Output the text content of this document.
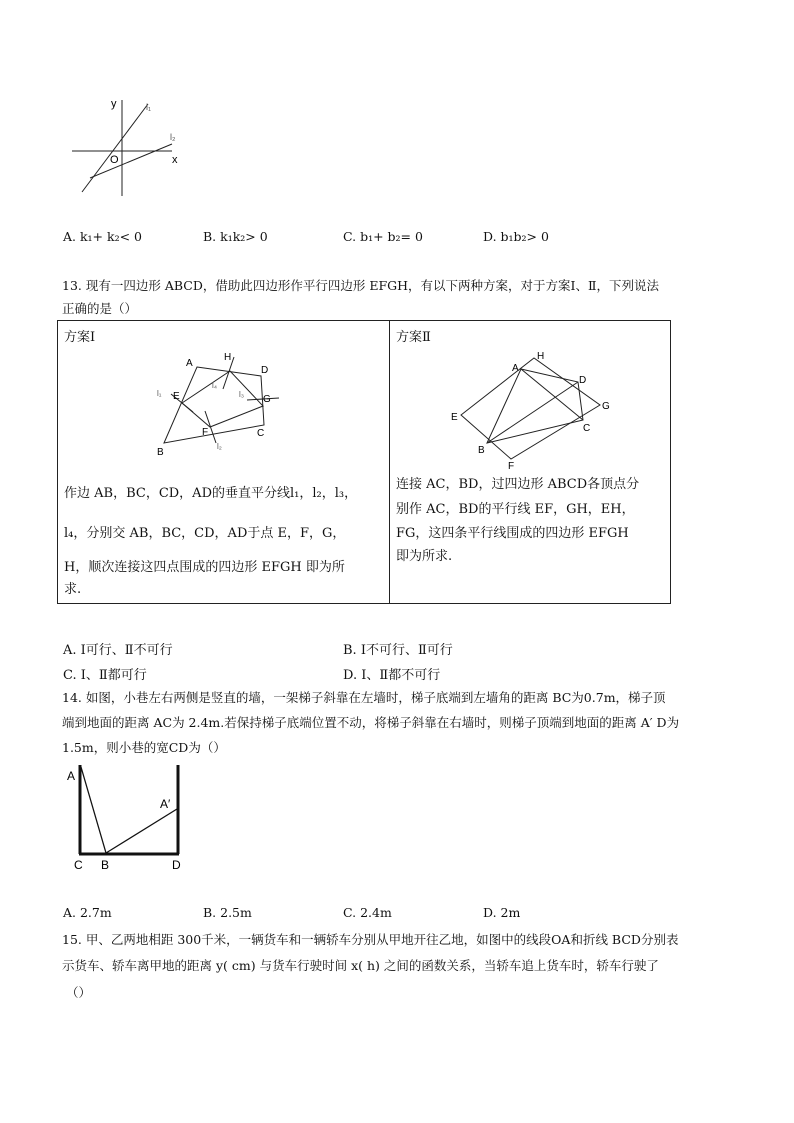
y
x
O
l₁
l₂
A. k₁+ k₂< 0	B. k₁k₂> 0	C. b₁+ b₂= 0	D. b₁b₂> 0
13. 现有一四边形 ABCD，借助此四边形作平行四边形 EFGH，有以下两种方案，对于方案Ⅰ、Ⅱ，下列说法
正确的是（）
方案Ⅰ
A
H
D
E	G
C
B
F
l₁
l₂
l₃
l₄
作边 AB，BC，CD，AD的垂直平分线l₁，l₂，l₃，
l₄，分别交 AB，BC，CD，AD于点 E，F，G，
H，顺次连接这四点围成的四边形 EFGH 即为所
求.

方案Ⅱ
H
A
D
G
E
C
B
F
连接 AC，BD，过四边形 ABCD各顶点分
别作 AC，BD的平行线 EF，GH，EH，
FG，这四条平行线围成的四边形 EFGH
即为所求.
A. Ⅰ可行、Ⅱ不可行	B. Ⅰ不可行、Ⅱ可行
C. Ⅰ、Ⅱ都可行	D. Ⅰ、Ⅱ都不可行
14. 如图，小巷左右两侧是竖直的墙，一架梯子斜靠在左墙时，梯子底端到左墙角的距离 BC为0.7m，梯子顶
端到地面的距离 AC为 2.4m.若保持梯子底端位置不动，将梯子斜靠在右墙时，则梯子顶端到地面的距离 A′ D为
1.5m，则小巷的宽CD为（）
A
A′
C B	D
A. 2.7m	B. 2.5m	C. 2.4m	D. 2m
15. 甲、乙两地相距 300千米，一辆货车和一辆轿车分别从甲地开往乙地，如图中的线段OA和折线 BCD分别表
示货车、轿车离甲地的距离 y( cm) 与货车行驶时间 x( h) 之间的函数关系，当轿车追上货车时，轿车行驶了
（）
